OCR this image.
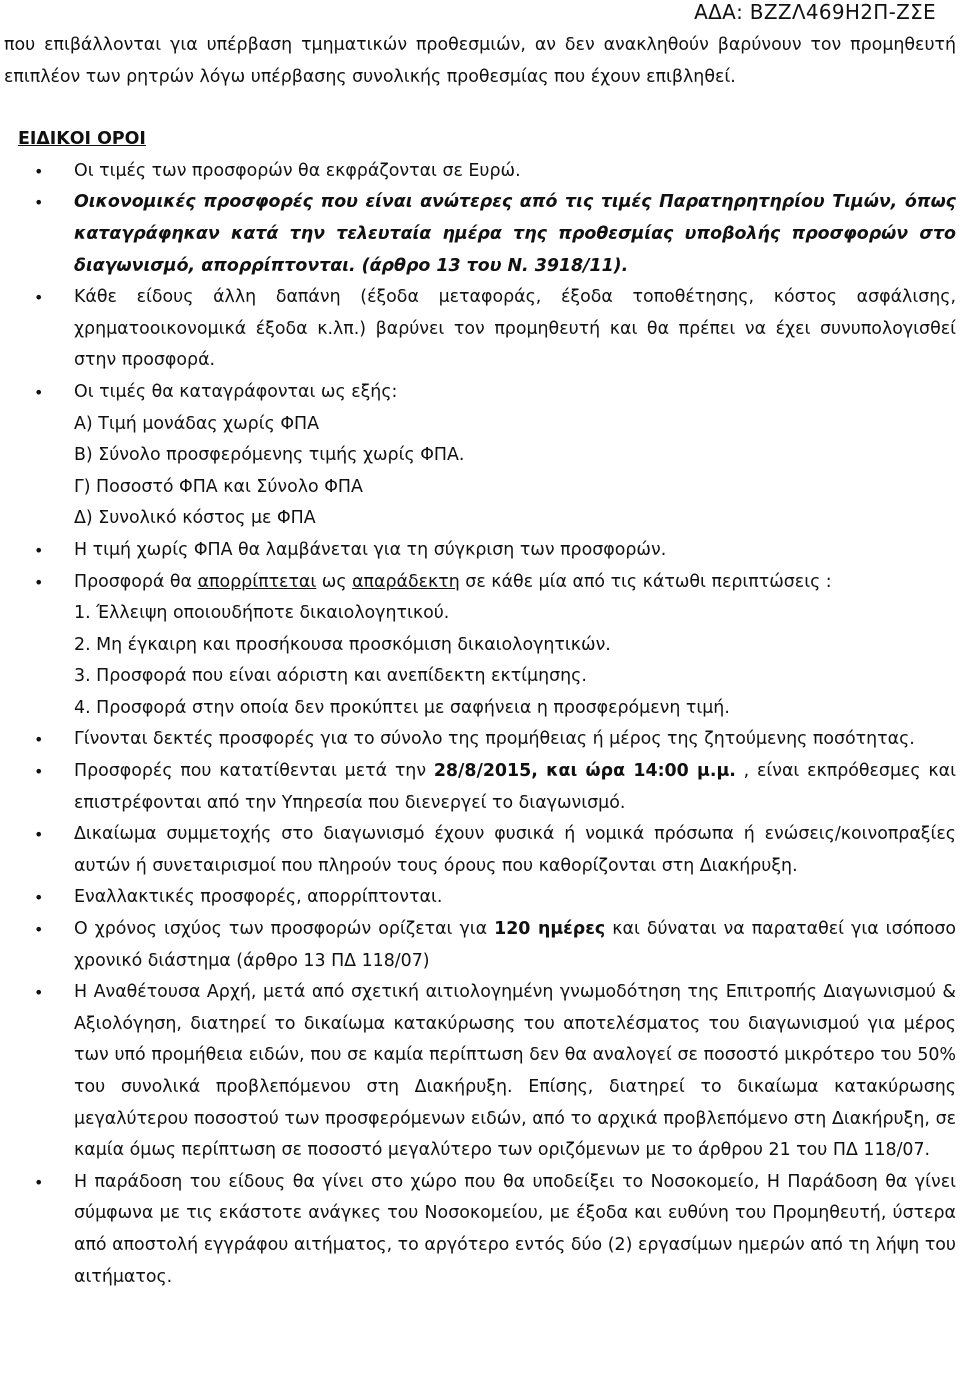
ΑΔΑ: ΒΖΖΛ469Η2Π-ΖΣΕ

που επιβάλλονται για υπέρβαση τμηματικών προθεσμιών, αν δεν ανακληθούν βαρύνουν τον προμηθευτή επιπλέον των ρητρών λόγω υπέρβασης συνολικής προθεσμίας που έχουν επιβληθεί.

ΕΙΔΙΚΟΙ ΟΡΟΙ

• Οι τιμές των προσφορών θα εκφράζονται σε Ευρώ.
• Οικονομικές προσφορές που είναι ανώτερες από τις τιμές Παρατηρητηρίου Τιμών, όπως καταγράφηκαν κατά την τελευταία ημέρα της προθεσμίας υποβολής προσφορών στο διαγωνισμό, απορρίπτονται. (άρθρο 13 του Ν. 3918/11).

• Κάθε είδους άλλη δαπάνη (έξοδα μεταφοράς, έξοδα τοποθέτησης, κόστος ασφάλισης, χρηματοοικονομικά έξοδα κ.λπ.) βαρύνει τον προμηθευτή και θα πρέπει να έχει συνυπολογισθεί στην προσφορά.

• Οι τιμές θα καταγράφονται ως εξής:
Α) Τιμή μονάδας χωρίς ΦΠΑ
Β) Σύνολο προσφερόμενης τιμής χωρίς ΦΠΑ.
Γ) Ποσοστό ΦΠΑ και Σύνολο ΦΠΑ
Δ) Συνολικό κόστος με ΦΠΑ
• Η τιμή χωρίς ΦΠΑ θα λαμβάνεται για τη σύγκριση των προσφορών.
• Προσφορά θα απορρίπτεται ως απαράδεκτη σε κάθε μία από τις κάτωθι περιπτώσεις :
1. Έλλειψη οποιουδήποτε δικαιολογητικού.
2. Μη έγκαιρη και προσήκουσα προσκόμιση δικαιολογητικών.
3. Προσφορά που είναι αόριστη και ανεπίδεκτη εκτίμησης.
4. Προσφορά στην οποία δεν προκύπτει με σαφήνεια η προσφερόμενη τιμή.
• Γίνονται δεκτές προσφορές για το σύνολο της προμήθειας ή μέρος της ζητούμενης ποσότητας.

• Προσφορές που κατατίθενται μετά την 28/8/2015, και ώρα 14:00 μ.μ. , είναι εκπρόθεσμες και επιστρέφονται από την Υπηρεσία που διενεργεί το διαγωνισμό.

• Δικαίωμα συμμετοχής στο διαγωνισμό έχουν φυσικά ή νομικά πρόσωπα ή ενώσεις/κοινοπραξίες αυτών ή συνεταιρισμοί που πληρούν τους όρους που καθορίζονται στη Διακήρυξη.

• Εναλλακτικές προσφορές, απορρίπτονται.
• Ο χρόνος ισχύος των προσφορών ορίζεται για 120 ημέρες και δύναται να παραταθεί για ισόποσο χρονικό διάστημα (άρθρο 13 ΠΔ 118/07)

• Η Αναθέτουσα Αρχή, μετά από σχετική αιτιολογημένη γνωμοδότηση της Επιτροπής Διαγωνισμού & Αξιολόγηση, διατηρεί το δικαίωμα κατακύρωσης του αποτελέσματος του διαγωνισμού για μέρος των υπό προμήθεια ειδών, που σε καμία περίπτωση δεν θα αναλογεί σε ποσοστό μικρότερο του 50% του συνολικά προβλεπόμενου στη Διακήρυξη. Επίσης, διατηρεί το δικαίωμα κατακύρωσης μεγαλύτερου ποσοστού των προσφερόμενων ειδών, από το αρχικά προβλεπόμενο στη Διακήρυξη, σε καμία όμως περίπτωση σε ποσοστό μεγαλύτερο των οριζόμενων με το άρθρου 21 του ΠΔ 118/07.

• Η παράδοση του είδους θα γίνει στο χώρο που θα υποδείξει το Νοσοκομείο, Η Παράδοση θα γίνει σύμφωνα με τις εκάστοτε ανάγκες του Νοσοκομείου, με έξοδα και ευθύνη του Προμηθευτή, ύστερα από αποστολή εγγράφου αιτήματος, το αργότερο εντός δύο (2) εργασίμων ημερών από τη λήψη του αιτήματος.
